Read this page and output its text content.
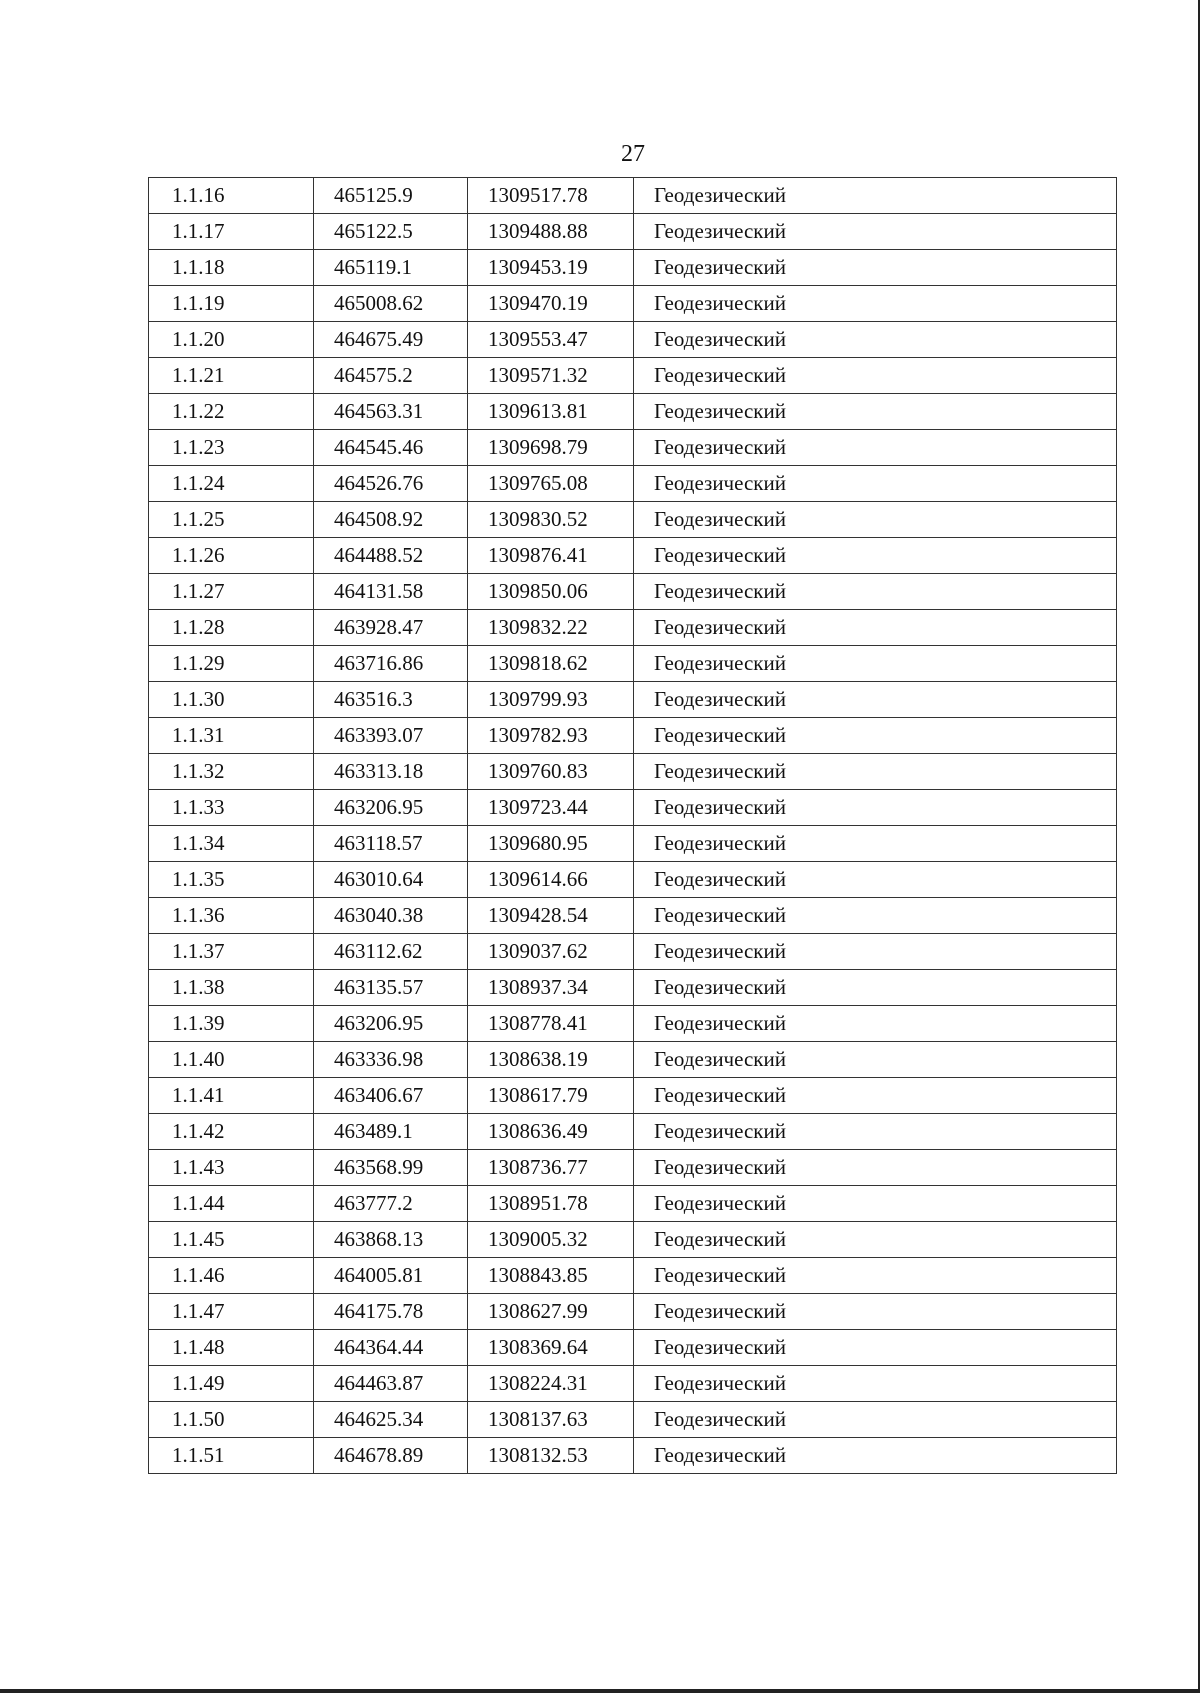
27
1.1.16	465125.9	1309517.78	Геодезический
1.1.17	465122.5	1309488.88	Геодезический
1.1.18	465119.1	1309453.19	Геодезический
1.1.19	465008.62	1309470.19	Геодезический
1.1.20	464675.49	1309553.47	Геодезический
1.1.21	464575.2	1309571.32	Геодезический
1.1.22	464563.31	1309613.81	Геодезический
1.1.23	464545.46	1309698.79	Геодезический
1.1.24	464526.76	1309765.08	Геодезический
1.1.25	464508.92	1309830.52	Геодезический
1.1.26	464488.52	1309876.41	Геодезический
1.1.27	464131.58	1309850.06	Геодезический
1.1.28	463928.47	1309832.22	Геодезический
1.1.29	463716.86	1309818.62	Геодезический
1.1.30	463516.3	1309799.93	Геодезический
1.1.31	463393.07	1309782.93	Геодезический
1.1.32	463313.18	1309760.83	Геодезический
1.1.33	463206.95	1309723.44	Геодезический
1.1.34	463118.57	1309680.95	Геодезический
1.1.35	463010.64	1309614.66	Геодезический
1.1.36	463040.38	1309428.54	Геодезический
1.1.37	463112.62	1309037.62	Геодезический
1.1.38	463135.57	1308937.34	Геодезический
1.1.39	463206.95	1308778.41	Геодезический
1.1.40	463336.98	1308638.19	Геодезический
1.1.41	463406.67	1308617.79	Геодезический
1.1.42	463489.1	1308636.49	Геодезический
1.1.43	463568.99	1308736.77	Геодезический
1.1.44	463777.2	1308951.78	Геодезический
1.1.45	463868.13	1309005.32	Геодезический
1.1.46	464005.81	1308843.85	Геодезический
1.1.47	464175.78	1308627.99	Геодезический
1.1.48	464364.44	1308369.64	Геодезический
1.1.49	464463.87	1308224.31	Геодезический
1.1.50	464625.34	1308137.63	Геодезический
1.1.51	464678.89	1308132.53	Геодезический
